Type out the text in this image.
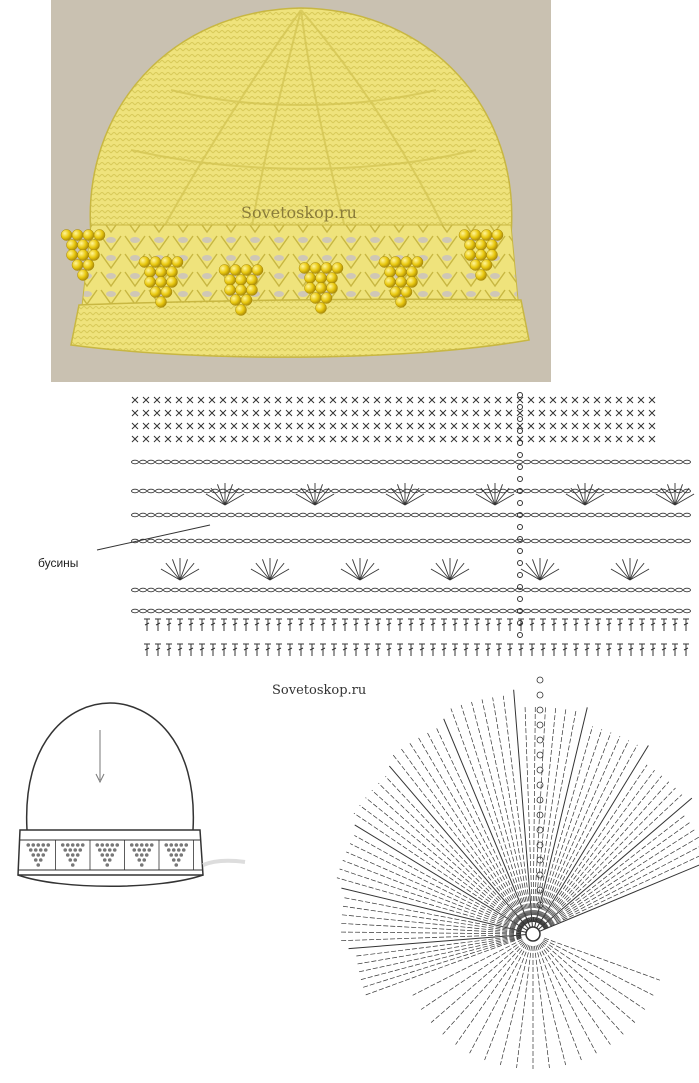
Sovetoskop.ru
бусины
Sovetoskop.ru
